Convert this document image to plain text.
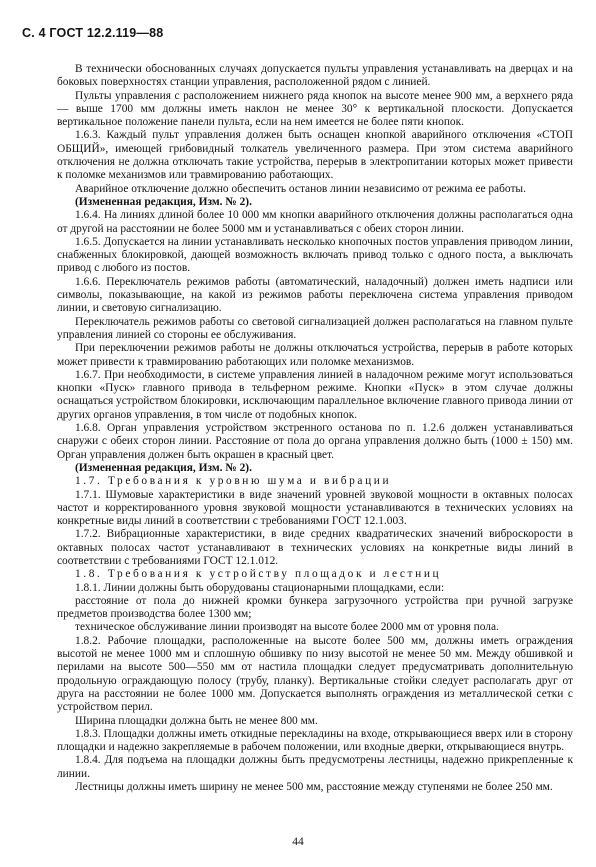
С. 4 ГОСТ 12.2.119—88

В технически обоснованных случаях допускается пульты управления устанавливать на дверцах и на боковых поверхностях станции управления, расположенной рядом с линией.

Пульты управления с расположением нижнего ряда кнопок на высоте менее 900 мм, а верхнего ряда — выше 1700 мм должны иметь наклон не менее 30° к вертикальной плоскости. Допускается вертикальное положение панели пульта, если на нем имеется не более пяти кнопок.

1.6.3. Каждый пульт управления должен быть оснащен кнопкой аварийного отключения «СТОП ОБЩИЙ», имеющей грибовидный толкатель увеличенного размера. При этом система аварийного отключения не должна отключать такие устройства, перерыв в электропитании которых может привести к поломке механизмов или травмированию работающих.

Аварийное отключение должно обеспечить останов линии независимо от режима ее работы.

(Измененная редакция, Изм. № 2).

1.6.4. На линиях длиной более 10 000 мм кнопки аварийного отключения должны располагаться одна от другой на расстоянии не более 5000 мм и устанавливаться с обеих сторон линии.

1.6.5. Допускается на линии устанавливать несколько кнопочных постов управления приводом линии, снабженных блокировкой, дающей возможность включать привод только с одного поста, а выключать привод с любого из постов.

1.6.6. Переключатель режимов работы (автоматический, наладочный) должен иметь надписи или символы, показывающие, на какой из режимов работы переключена система управления приводом линии, и световую сигнализацию.

Переключатель режимов работы со световой сигнализацией должен располагаться на главном пульте управления линией со стороны ее обслуживания.

При переключении режимов работы не должны отключаться устройства, перерыв в работе которых может привести к травмированию работающих или поломке механизмов.

1.6.7. При необходимости, в системе управления линией в наладочном режиме могут использоваться кнопки «Пуск» главного привода в тельферном режиме. Кнопки «Пуск» в этом случае должны оснащаться устройством блокировки, исключающим параллельное включение главного привода линии от других органов управления, в том числе от подобных кнопок.

1.6.8. Орган управления устройством экстренного останова по п. 1.2.6 должен устанавливаться снаружи с обеих сторон линии. Расстояние от пола до органа управления должно быть (1000 ± 150) мм. Орган управления должен быть окрашен в красный цвет.

(Измененная редакция, Изм. № 2).

1.7. Требования к уровню шума и вибрации

1.7.1. Шумовые характеристики в виде значений уровней звуковой мощности в октавных полосах частот и корректированного уровня звуковой мощности устанавливаются в технических условиях на конкретные виды линий в соответствии с требованиями ГОСТ 12.1.003.

1.7.2. Вибрационные характеристики, в виде средних квадратических значений виброскорости в октавных полосах частот устанавливают в технических условиях на конкретные виды линий в соответствии с требованиями ГОСТ 12.1.012.

1.8. Требования к устройству площадок и лестниц

1.8.1. Линии должны быть оборудованы стационарными площадками, если:

расстояние от пола до нижней кромки бункера загрузочного устройства при ручной загрузке предметов производства более 1300 мм;

техническое обслуживание линии производят на высоте более 2000 мм от уровня пола.

1.8.2. Рабочие площадки, расположенные на высоте более 500 мм, должны иметь ограждения высотой не менее 1000 мм и сплошную обшивку по низу высотой не менее 50 мм. Между обшивкой и перилами на высоте 500—550 мм от настила площадки следует предусматривать дополнительную продольную ограждающую полосу (трубу, планку). Вертикальные стойки следует располагать друг от друга на расстоянии не более 1000 мм. Допускается выполнять ограждения из металлической сетки с устройством перил.

Ширина площадки должна быть не менее 800 мм.

1.8.3. Площадки должны иметь откидные перекладины на входе, открывающиеся вверх или в сторону площадки и надежно закрепляемые в рабочем положении, или входные дверки, открывающиеся внутрь.

1.8.4. Для подъема на площадки должны быть предусмотрены лестницы, надежно прикрепленные к линии.

Лестницы должны иметь ширину не менее 500 мм, расстояние между ступенями не более 250 мм.

44
